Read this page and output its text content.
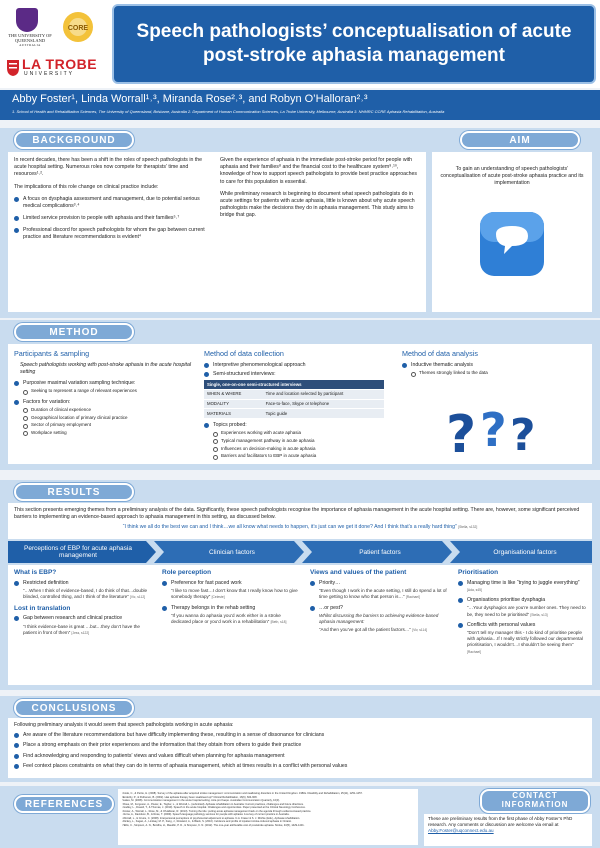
THE UNIVERSITY OF QUEENSLAND
AUSTRALIA
CORE
LA TROBE
UNIVERSITY
Speech pathologists’ conceptualisation of acute post-stroke aphasia management
Abby Foster¹, Linda Worrall¹˒³, Miranda Rose²˒³, and Robyn O’Halloran²˒³
1. School of Health and Rehabilitation Sciences, The University of Queensland, Brisbane, Australia 2. Department of Human Communication Sciences, La Trobe University, Melbourne, Australia 3. NHMRC CCRE Aphasia Rehabilitation, Australia
BACKGROUND	AIM

In recent decades, there has been a shift in the roles of speech pathologists in the acute hospital setting. Numerous roles now compete for therapists’ time and resources¹˒².

The implications of this role change on clinical practice include:

A focus on dysphagia assessment and management, due to potential serious medical complications³˒⁴
Limited service provision to people with aphasia and their families⁵˒⁷
Professional discord for speech pathologists for whom the gap between current practice and literature recommendations is evident⁴

Given the experience of aphasia in the immediate post-stroke period for people with aphasia and their families⁸ and the financial cost to the healthcare system⁹˒¹⁰, knowledge of how to support speech pathologists to provide best practice approaches to care for this population is essential.

While preliminary research is beginning to document what speech pathologists do in acute settings for patients with acute aphasia, little is known about why acute speech pathologists make the decisions they do in aphasia management. This study aims to bridge that gap.

To gain an understanding of speech pathologists’ conceptualisation of acute post-stroke aphasia practice and its implementation
METHOD
Participants & sampling

Speech pathologists working with post-stroke aphasia in the acute hospital setting

Purposive maximal variation sampling technique:
Seeking to represent a range of relevant experiences
Factors for variation:
Duration of clinical experience
Geographical location of primary clinical practice
Sector of primary employment
Workplace setting
Method of data collection
Interpretive phenomenological approach
Semi-structured interviews:
Single, one-on-one semi-structured interviews	
WHEN & WHERE	Time and location selected by participant
MODALITY	Face-to-face, Skype or telephone
MATERIALS	Topic guide
Topics probed:
Experiences working with acute aphasia
Typical management pathway in acute aphasia
Influences on decision-making in acute aphasia
Barriers and facilitators to EBP in acute aphasia
Method of data analysis
Inductive thematic analysis
Themes strongly linked to the data
? ? ?
RESULTS

This section presents emerging themes from a preliminary analysis of the data. Significantly, these speech pathologists recognise the importance of aphasia management in the acute hospital setting. There are, however, some significant perceived barriers to implementing an evidence-based approach to aphasia management in this setting, as discussed below.

“I think we all do the best we can and I think…we all know what needs to happen, it’s just can we get it done? And I think that’s a really hard thing” [Stella, s132]
Perceptions of EBP for acute aphasia management	Clinician factors	Patient factors	Organisational factors
What is EBP?
Restricted definition
“…When I think of evidence-based, I do think of that…double blinded, controlled thing, and I think of the literature” [Vic, s112]
Lost in translation
Gap between research and clinical practice
“I think evidence-base is great …but…they don’t have the patient in front of them” [Jess, s122]
Role perception
Preference for fast paced work
“I like to move fast…I don’t know that I really know how to give somebody therapy” [Celeste]
Therapy belongs in the rehab setting
“If you wanna do aphasia you’d work either in a stroke dedicated place or you’d work in a rehabilitation” [Beth, s18]
Views and values of the patient
Priority…
“Even though I work in the acute setting, I still do spend a lot of time getting to know who that person is…” [Rachael]
…or pest?
Whilst discussing the barriers to achieving evidence-based aphasia management:
“And then you’ve got all the patient factors…” [Viv, s114]
Prioritisation
Managing time is like “trying to juggle everything” [Ada, s45]
Organisations prioritise dysphagia
“…Your dysphagics are you’re number ones. They need to be, they need to be prioritised” [Stella, s13]
Conflicts with personal values
“Don’t tell my manager this - I do kind of prioritise people with aphasia…If I really strictly followed our departmental prioritisation, I wouldn’t…I shouldn’t be seeing them” [Rachael]
CONCLUSIONS

Following preliminary analysis it would seem that speech pathologists working in acute aphasia:

Are aware of the literature recommendations but have difficulty implementing these, resulting in a sense of dissonance for clinicians
Place a strong emphasis on their prior experiences and the information that they obtain from others to guide their practice
Find acknowledging and responding to patients’ views and values difficult when planning for aphasia management
Feel context places constraints on what they can do in terms of aphasia management, which at times results in a conflict with personal values
REFERENCES
¹Code, C., & Petrie, H. (2008). Survey of the aphasia after acquired stroke management: communication and swallowing disorders in the United Kingdom. 1980s. Disability and Rehabilitation, 25(11), 1251-1257.
²Enderby, P., & Petheram, B. (2002). Has aphasia therapy been swallowed up? Clinical Rehabilitation, 16(6), 604-608.
³Lakes, M. (2008). Communication management in the acute hospital setting. Acta pro Kaepe. Australian Communication Quarterly, 10(3).
⁴Rose, M., Ferguson, A., Power, E., Togher, L., & Worrall, L. (submitted). Aphasia rehabilitation in Australia: Current practices, challenges and future directions.
⁵Godley, L., Dowell, T., & Thomas, J. (2010). Speech in the acute hospital. Challenges and opportunities. Paper presented at the Clinical Neurology Conference.
⁶Foster, A., Worrall, L., Rose, M., & O'Halloran, R. (2013). Turning the tide: putting acute aphasia management back on the agenda through evidence-based practice.
⁷Verna, A., Davidson, B., & Rose, T. (2009). Speech-language pathology services for people with aphasia: A survey of current practice in Australia.
⁸Worrall, L., & Cruice, C. (2008). Interpersonal perceptions of psychosocial adjustment to aphasia. In A. Fraser & S. J. Ritchie (Eds.), Aphasia rehabilitation.
⁹Dickey, L., Kagan, A., Lindsay, M. P., Fang, J., Rowland, A., & Black, S. (2010). Incidence and profile of inpatient stroke-induced aphasia in Ontario.
¹⁰Ellis, C., Simpson, A. N., Bonilha, H., Mauldin, P. D., & Simpson, K. N. (2012). The one-year attributable cost of poststroke aphasia. Stroke, 43(5), 1429-1431.
CONTACT INFORMATION
These are preliminary results from the first phase of Abby Foster’s PhD research. Any comments or discussion are welcome via email at Abby.Foster@uqconnect.edu.au
